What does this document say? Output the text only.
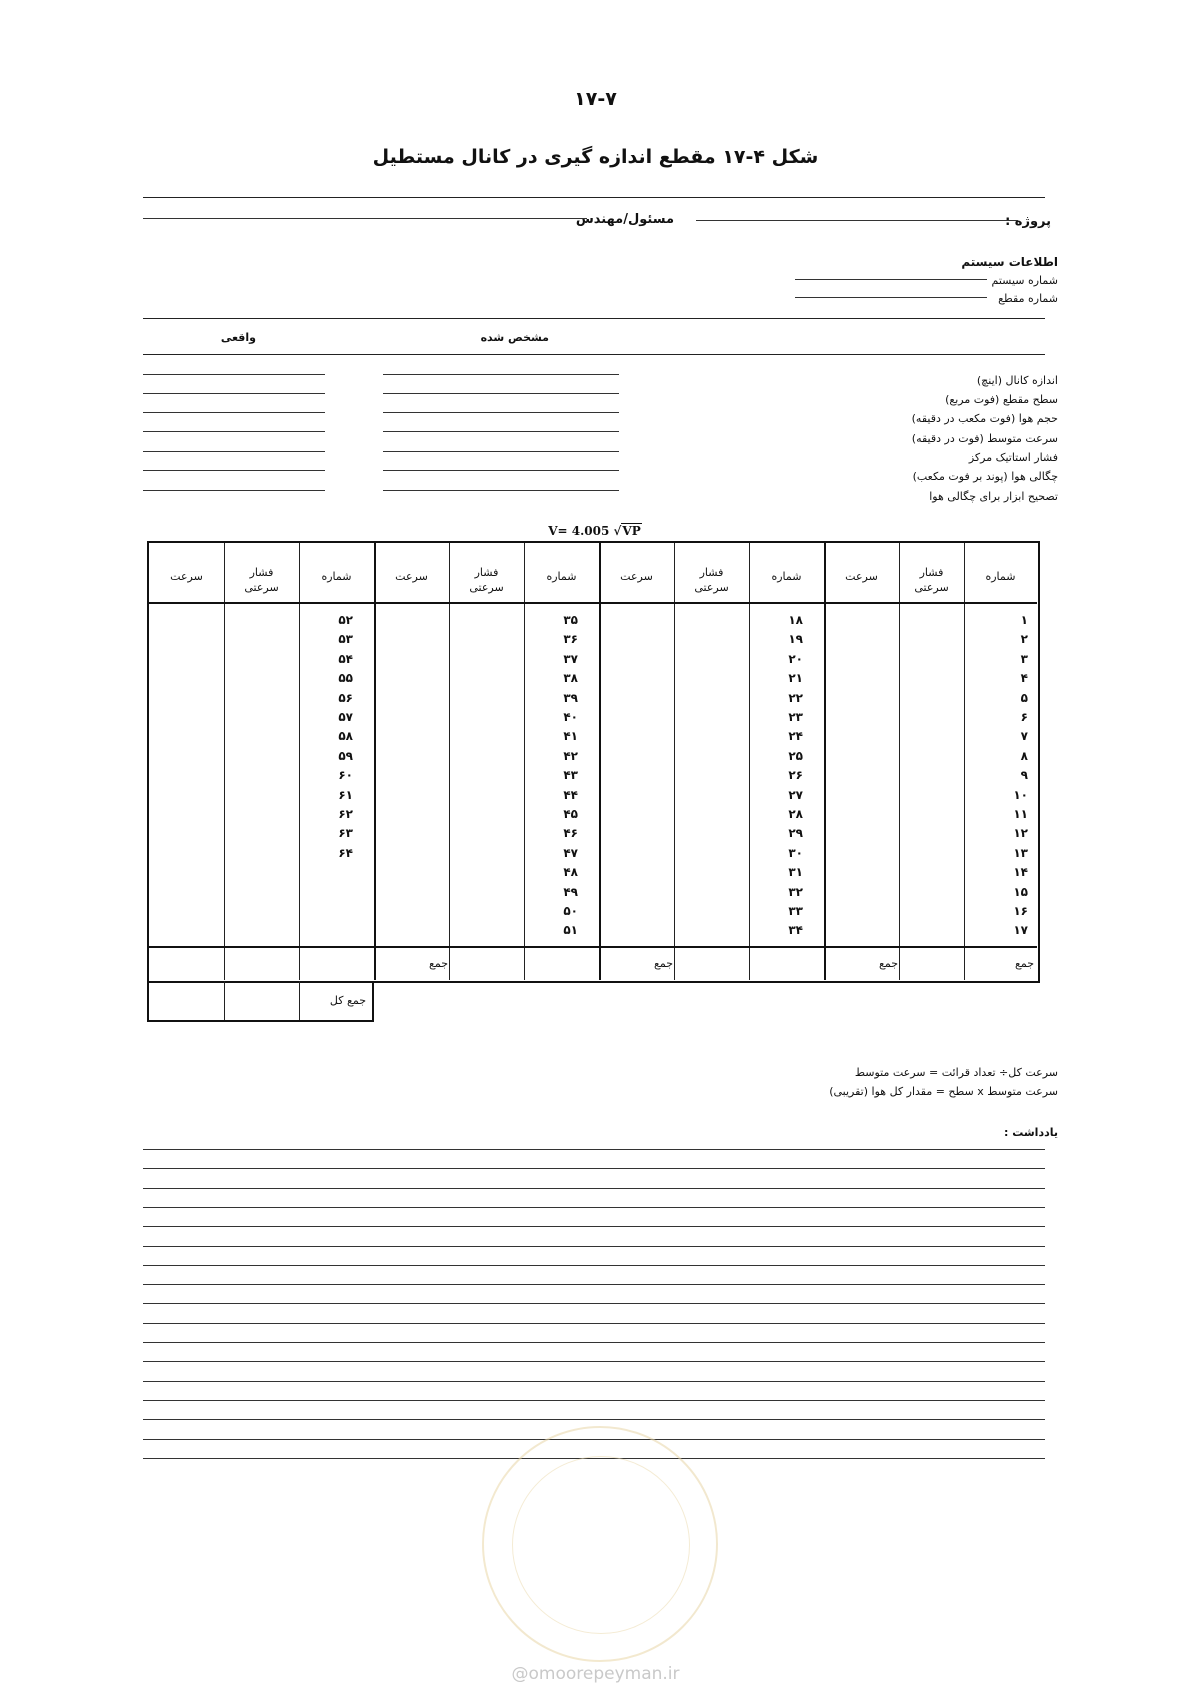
۱۷-۷
شکل ۴-۱۷ مقطع اندازه گیری در کانال مستطیل
پروژه :
مسئول/مهندس
اطلاعات سیستم
شماره سیستم
شماره مقطع
واقعی	مشخص شده
اندازه کانال (اینچ)
سطح مقطع (فوت مربع)
حجم هوا (فوت مکعب در دقیقه)
سرعت متوسط (فوت در دقیقه)
فشار استاتیک مرکز
چگالی هوا (پوند بر فوت مکعب)
تصحیح ابزار برای چگالی هوا
V= 4.005 √VP
شماره
فشار
سرعتی
سرعت
شماره
فشار
سرعتی
سرعت
شماره
فشار
سرعتی
سرعت
شماره
فشار
سرعتی
سرعت
۱
۲
۳
۴
۵
۶
۷
۸
۹
۱۰
۱۱
۱۲
۱۳
۱۴
۱۵
۱۶
۱۷
۱۸
۱۹
۲۰
۲۱
۲۲
۲۳
۲۴
۲۵
۲۶
۲۷
۲۸
۲۹
۳۰
۳۱
۳۲
۳۳
۳۴
۳۵
۳۶
۳۷
۳۸
۳۹
۴۰
۴۱
۴۲
۴۳
۴۴
۴۵
۴۶
۴۷
۴۸
۴۹
۵۰
۵۱
۵۲
۵۳
۵۴
۵۵
۵۶
۵۷
۵۸
۵۹
۶۰
۶۱
۶۲
۶۳
۶۴
جمع
جمع
جمع
جمع
جمع کل
سرعت کل÷ تعداد قرائت = سرعت متوسط
سرعت متوسط x سطح = مقدار کل هوا (تقریبی)
یادداشت :
@omoorepeyman.ir
